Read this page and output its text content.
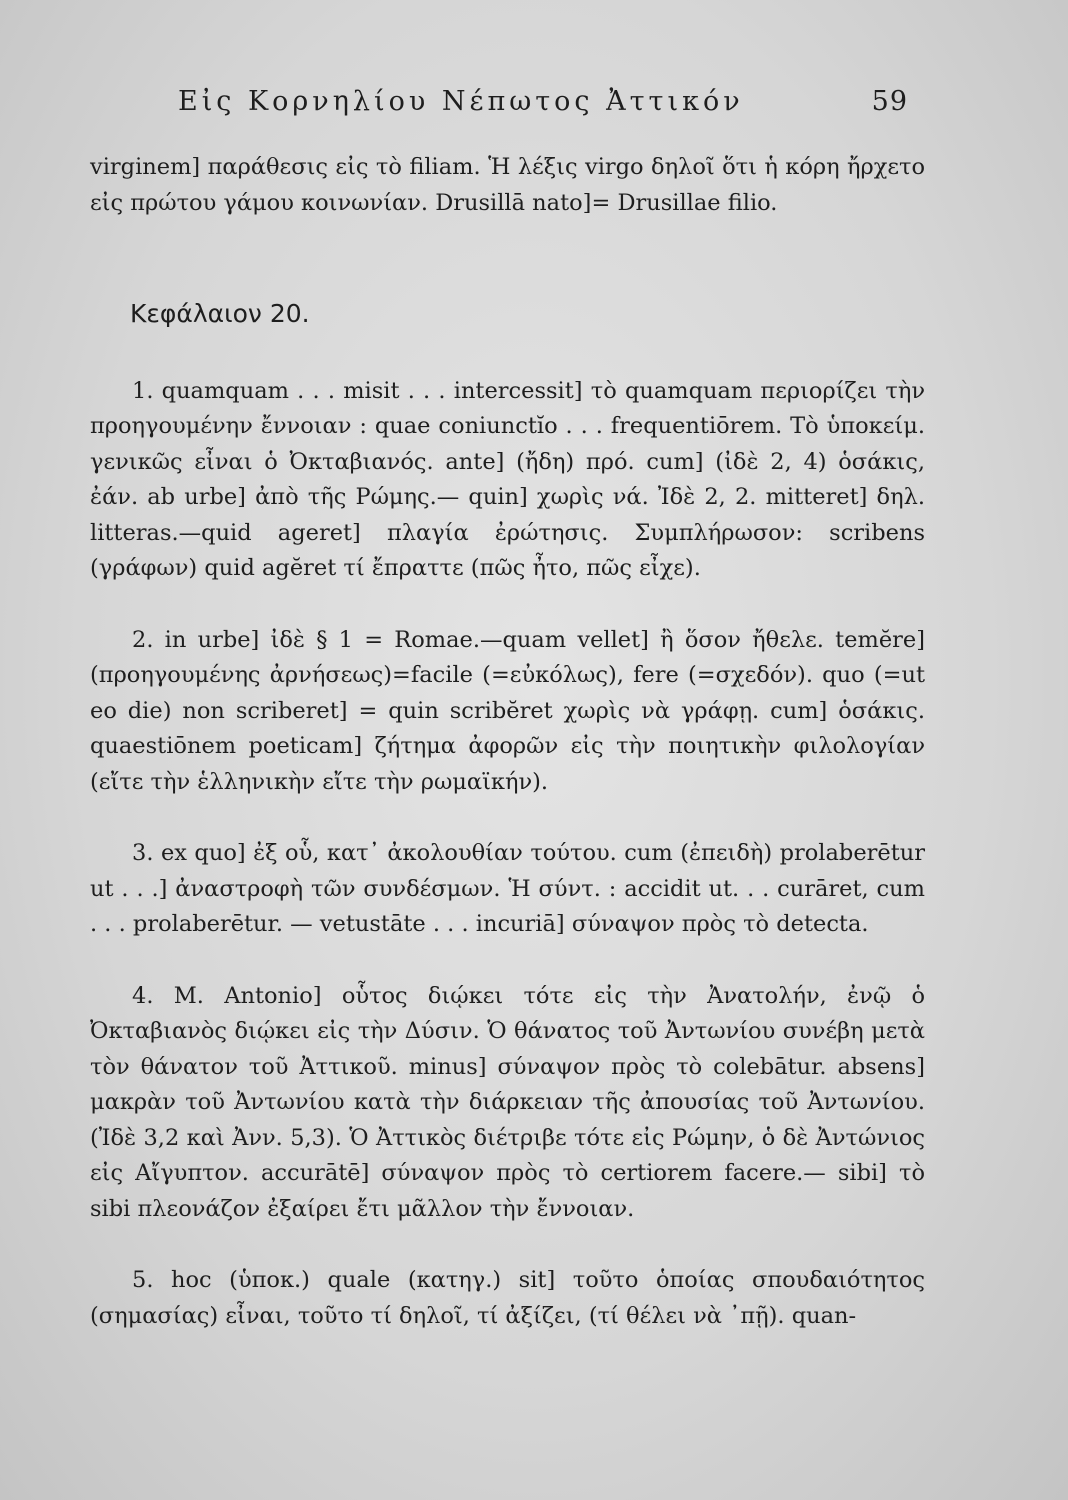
Εἰς Κορνηλίου Νέπωτος Ἀττικόν	59

virginem] παράθεσις εἰς τὸ filiam. Ἡ λέξις virgo δηλοῖ ὅτι ἡ κόρη ἤρχετο εἰς πρώτου γάμου κοινωνίαν. Drusillā nato]= Drusillae filio.

Κεφάλαιον 20.

1. quamquam . . . misit . . . intercessit] τὸ quamquam περιορίζει τὴν προηγουμένην ἔννοιαν : quae coniunctĭo . . . frequentiōrem. Τὸ ὑποκείμ. γενικῶς εἶναι ὁ Ὀκταβιανός. ante] (ἤδη) πρό. cum] (ἰδὲ 2, 4) ὁσάκις, ἐάν. ab urbe] ἀπὸ τῆς Ρώμης.— quin] χωρὶς νά. Ἰδὲ 2, 2. mitteret] δηλ. litteras.—quid ageret] πλαγία ἐρώτησις. Συμπλήρωσον: scribens (γράφων) quid agĕret τί ἔπραττε (πῶς ἦτο, πῶς εἶχε).

2. in urbe] ἰδὲ § 1 = Romae.—quam vellet] ἢ ὅσον ἤθελε. temĕre] (προηγουμένης ἀρνήσεως)=facile (=εὐκόλως), fere (=σχεδόν). quo (=ut eo die) non scriberet] = quin scribĕret χωρὶς νὰ γράφῃ. cum] ὁσάκις. quaestiōnem poeticam] ζήτημα ἀφορῶν εἰς τὴν ποιητικὴν φιλολογίαν (εἴτε τὴν ἑλληνικὴν εἴτε τὴν ρωμαϊκήν).

3. ex quo] ἐξ οὗ, κατ᾽ ἀκολουθίαν τούτου. cum (ἐπειδὴ) prolaberētur ut . . .] ἀναστροφὴ τῶν συνδέσμων. Ἡ σύντ. : accidit ut. . . curāret, cum . . . prolaberētur. — vetustāte . . . incuriā] σύναψον πρὸς τὸ detecta.

4. M. Antonio] οὗτος διῴκει τότε εἰς τὴν Ἀνατολήν, ἐνῷ ὁ Ὀκταβιανὸς διῴκει εἰς τὴν Δύσιν. Ὁ θάνατος τοῦ Ἀντωνίου συνέβη μετὰ τὸν θάνατον τοῦ Ἀττικοῦ. minus] σύναψον πρὸς τὸ colebātur. absens] μακρὰν τοῦ Ἀντωνίου κατὰ τὴν διάρκειαν τῆς ἀπουσίας τοῦ Ἀντωνίου. (Ἰδὲ 3,2 καὶ Ἀνν. 5,3). Ὁ Ἀττικὸς διέτριβε τότε εἰς Ρώμην, ὁ δὲ Ἀντώνιος εἰς Αἴγυπτον. accurātē] σύναψον πρὸς τὸ certiorem facere.— sibi] τὸ sibi πλεονάζον ἐξαίρει ἔτι μᾶλλον τὴν ἔννοιαν.

5. hoc (ὑποκ.) quale (κατηγ.) sit] τοῦτο ὁποίας σπουδαιότητος (σημασίας) εἶναι, τοῦτο τί δηλοῖ, τί ἀξίζει, (τί θέλει νὰ ᾽πῇ). quan-
